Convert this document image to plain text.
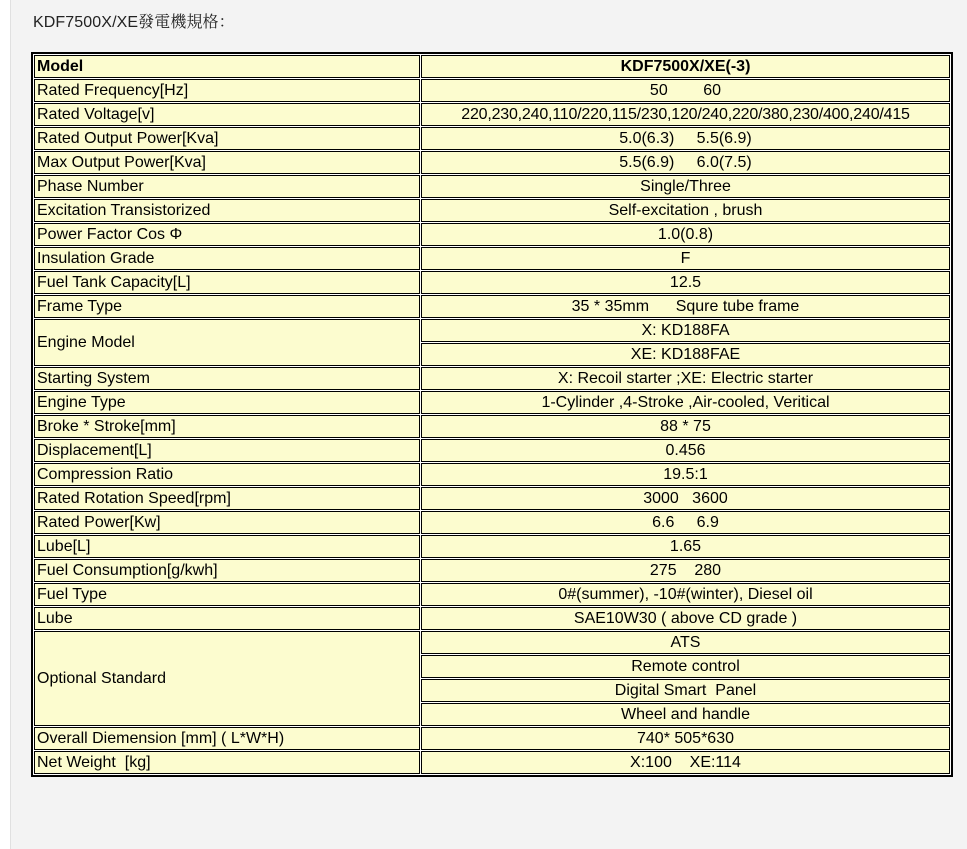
KDF7500X/XE發電機規格：
Model	KDF7500X/XE(-3)
Rated Frequency[Hz]	50        60
Rated Voltage[v]	220,230,240,110/220,115/230,120/240,220/380,230/400,240/415
Rated Output Power[Kva]	5.0(6.3)     5.5(6.9)
Max Output Power[Kva]	5.5(6.9)     6.0(7.5)
Phase Number	Single/Three
Excitation Transistorized	Self-excitation , brush
Power Factor Cos Φ	1.0(0.8)
Insulation Grade	F
Fuel Tank Capacity[L]	12.5
Frame Type	35 * 35mm      Squre tube frame
Engine Model	X: KD188FA
	XE: KD188FAE
Starting System	X: Recoil starter ;XE: Electric starter
Engine Type	1-Cylinder ,4-Stroke ,Air-cooled, Veritical
Broke * Stroke[mm]	88 * 75
Displacement[L]	0.456
Compression Ratio	19.5:1
Rated Rotation Speed[rpm]	3000   3600
Rated Power[Kw]	6.6     6.9
Lube[L]	1.65
Fuel Consumption[g/kwh]	275    280
Fuel Type	0#(summer), -10#(winter), Diesel oil
Lube	SAE10W30 ( above CD grade )
Optional Standard	ATS
	Remote control
	Digital Smart  Panel
	Wheel and handle
Overall Diemension [mm] ( L*W*H)	740* 505*630
Net Weight  [kg]	X:100    XE:114
